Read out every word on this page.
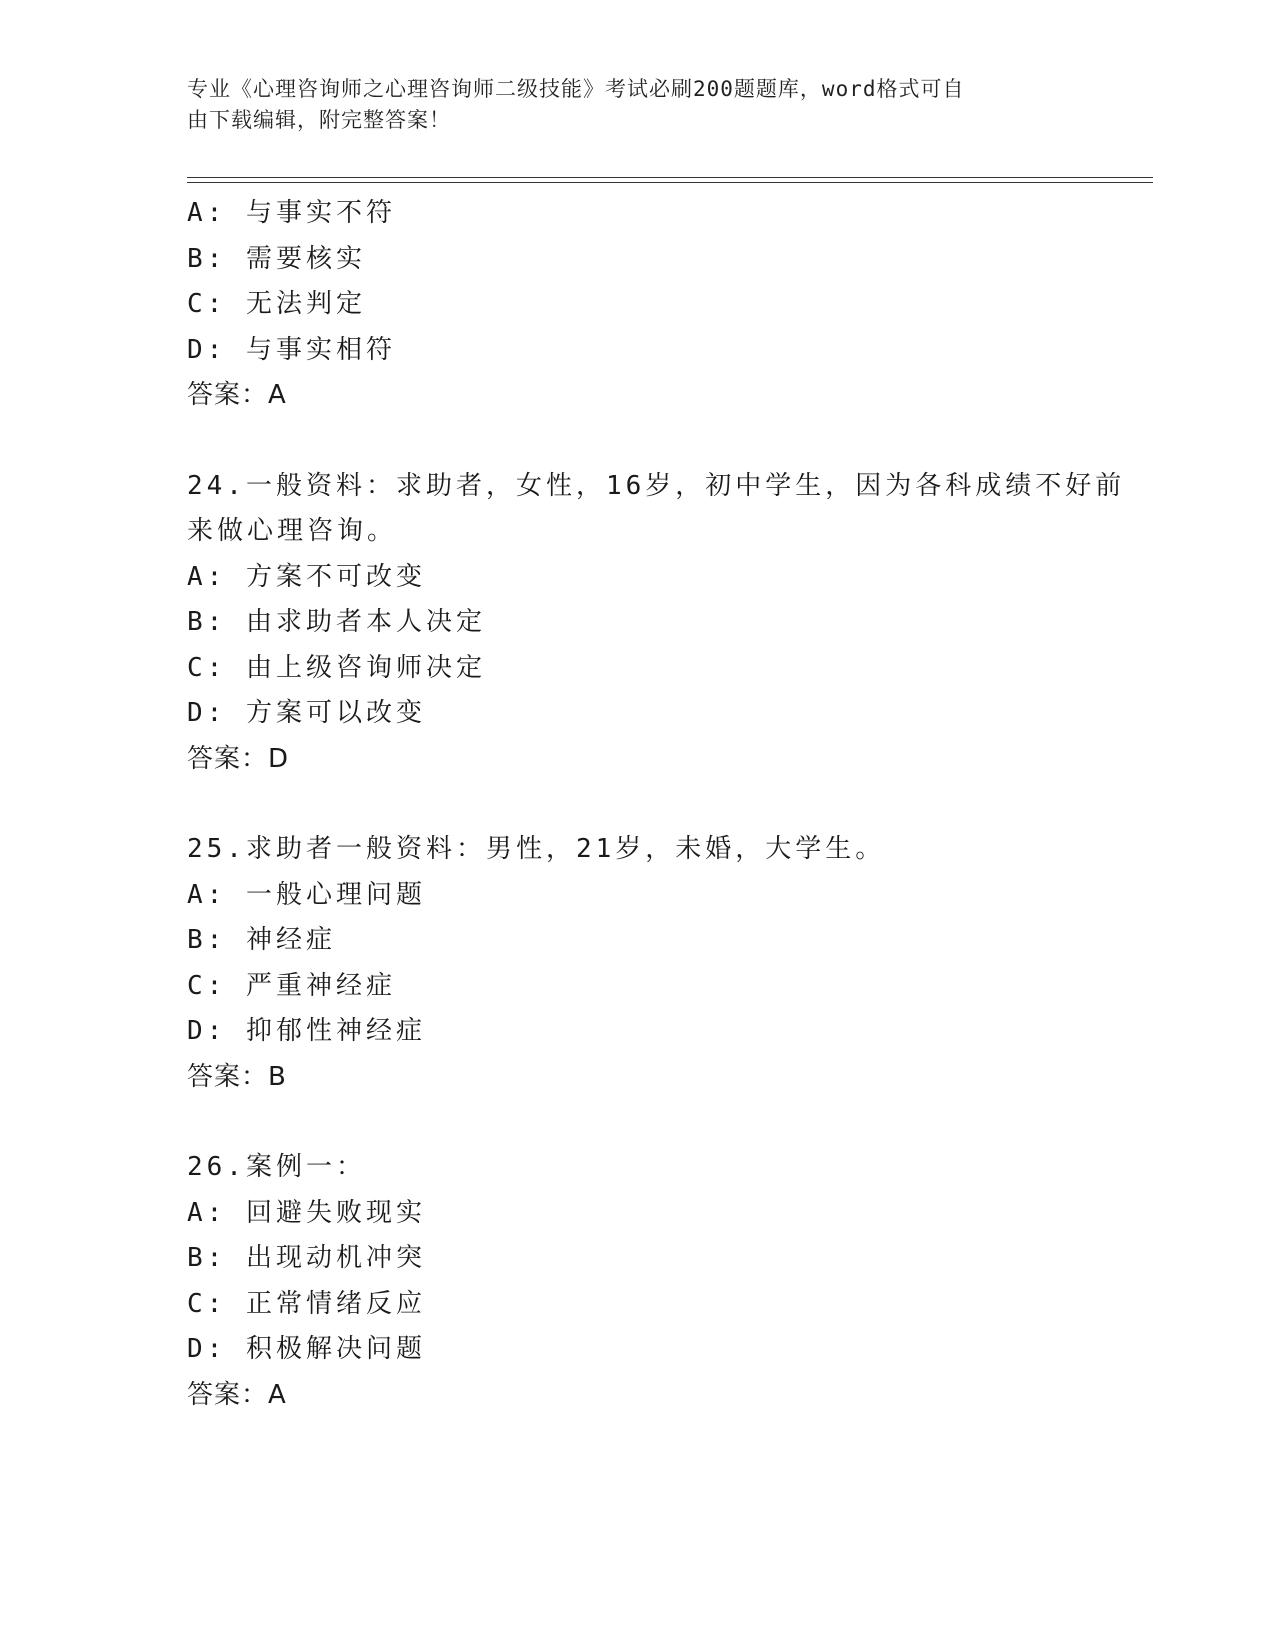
专业《心理咨询师之心理咨询师二级技能》考试必刷200题题库，word格式可自
由下载编辑，附完整答案！
A: 与事实不符
B: 需要核实
C: 无法判定
D: 与事实相符
答案：A
24.一般资料：求助者，女性，16岁，初中学生，因为各科成绩不好前
来做心理咨询。
A: 方案不可改变
B: 由求助者本人决定
C: 由上级咨询师决定
D: 方案可以改变
答案：D
25.求助者一般资料：男性，21岁，未婚，大学生。
A: 一般心理问题
B: 神经症
C: 严重神经症
D: 抑郁性神经症
答案：B
26.案例一：
A: 回避失败现实
B: 出现动机冲突
C: 正常情绪反应
D: 积极解决问题
答案：A
